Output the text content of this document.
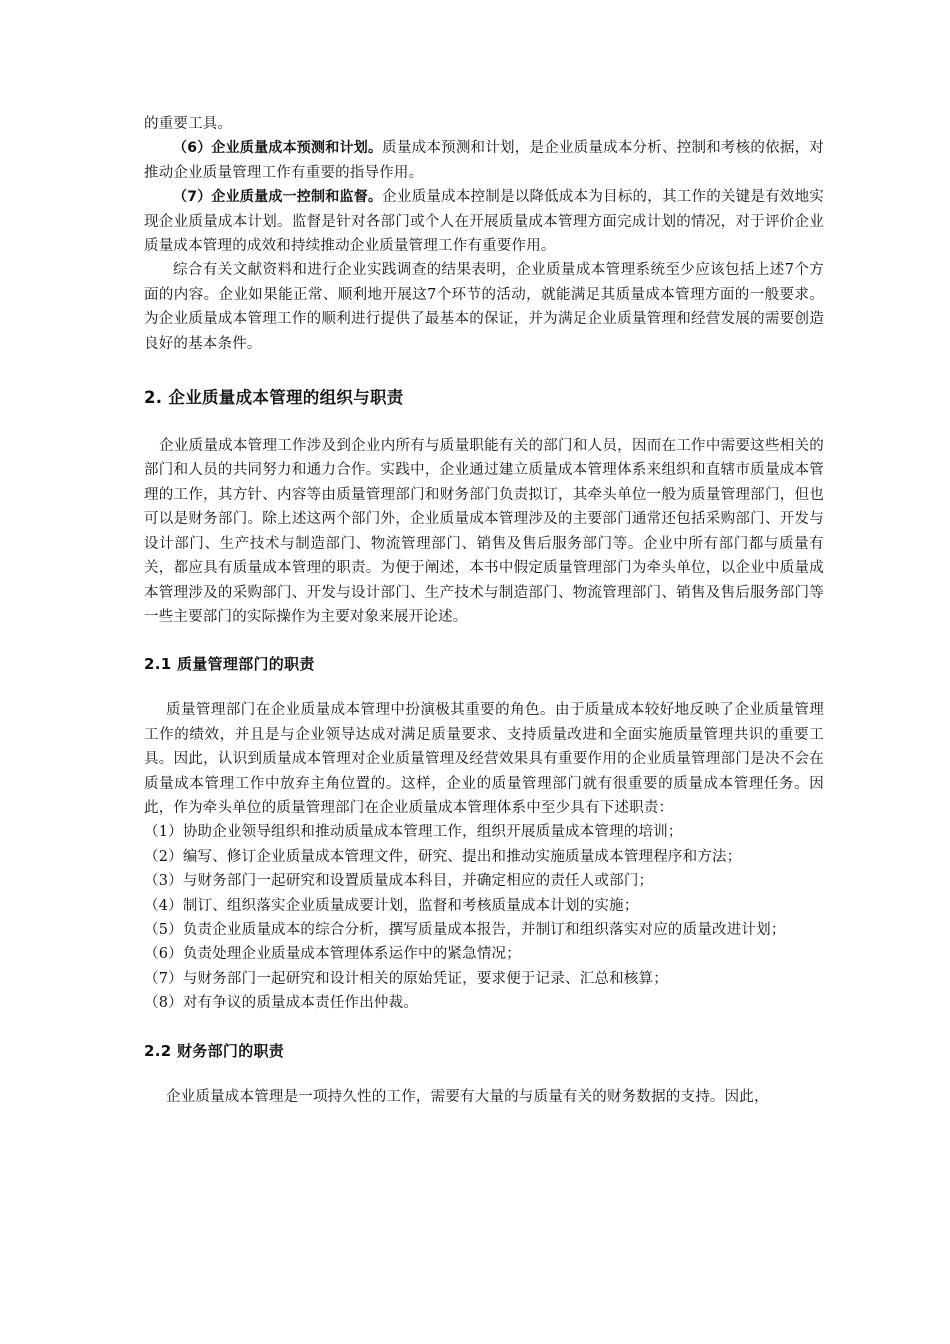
的重要工具。

（6）企业质量成本预测和计划。质量成本预测和计划，是企业质量成本分析、控制和考核的依据，对推动企业质量管理工作有重要的指导作用。

（7）企业质量成一控制和监督。企业质量成本控制是以降低成本为目标的，其工作的关键是有效地实现企业质量成本计划。监督是针对各部门或个人在开展质量成本管理方面完成计划的情况，对于评价企业质量成本管理的成效和持续推动企业质量管理工作有重要作用。

综合有关文献资料和进行企业实践调查的结果表明，企业质量成本管理系统至少应该包括上述7个方面的内容。企业如果能正常、顺利地开展这7个环节的活动，就能满足其质量成本管理方面的一般要求。为企业质量成本管理工作的顺利进行提供了最基本的保证，并为满足企业质量管理和经营发展的需要创造良好的基本条件。

2. 企业质量成本管理的组织与职责

企业质量成本管理工作涉及到企业内所有与质量职能有关的部门和人员，因而在工作中需要这些相关的部门和人员的共同努力和通力合作。实践中，企业通过建立质量成本管理体系来组织和直辖市质量成本管理的工作，其方针、内容等由质量管理部门和财务部门负责拟订，其牵头单位一般为质量管理部门，但也可以是财务部门。除上述这两个部门外，企业质量成本管理涉及的主要部门通常还包括采购部门、开发与设计部门、生产技术与制造部门、物流管理部门、销售及售后服务部门等。企业中所有部门都与质量有关，都应具有质量成本管理的职责。为便于阐述，本书中假定质量管理部门为牵头单位，以企业中质量成本管理涉及的采购部门、开发与设计部门、生产技术与制造部门、物流管理部门、销售及售后服务部门等一些主要部门的实际操作为主要对象来展开论述。

2.1 质量管理部门的职责

质量管理部门在企业质量成本管理中扮演极其重要的角色。由于质量成本较好地反映了企业质量管理工作的绩效，并且是与企业领导达成对满足质量要求、支持质量改进和全面实施质量管理共识的重要工具。因此，认识到质量成本管理对企业质量管理及经营效果具有重要作用的企业质量管理部门是决不会在质量成本管理工作中放弃主角位置的。这样，企业的质量管理部门就有很重要的质量成本管理任务。因此，作为牵头单位的质量管理部门在企业质量成本管理体系中至少具有下述职责：

（1）协助企业领导组织和推动质量成本管理工作，组织开展质量成本管理的培训；

（2）编写、修订企业质量成本管理文件，研究、提出和推动实施质量成本管理程序和方法；

（3）与财务部门一起研究和设置质量成本科目，并确定相应的责任人或部门；

（4）制订、组织落实企业质量成要计划，监督和考核质量成本计划的实施；

（5）负责企业质量成本的综合分析，撰写质量成本报告，并制订和组织落实对应的质量改进计划；

（6）负责处理企业质量成本管理体系运作中的紧急情况；

（7）与财务部门一起研究和设计相关的原始凭证，要求便于记录、汇总和核算；

（8）对有争议的质量成本责任作出仲裁。

2.2 财务部门的职责

企业质量成本管理是一项持久性的工作，需要有大量的与质量有关的财务数据的支持。因此，
